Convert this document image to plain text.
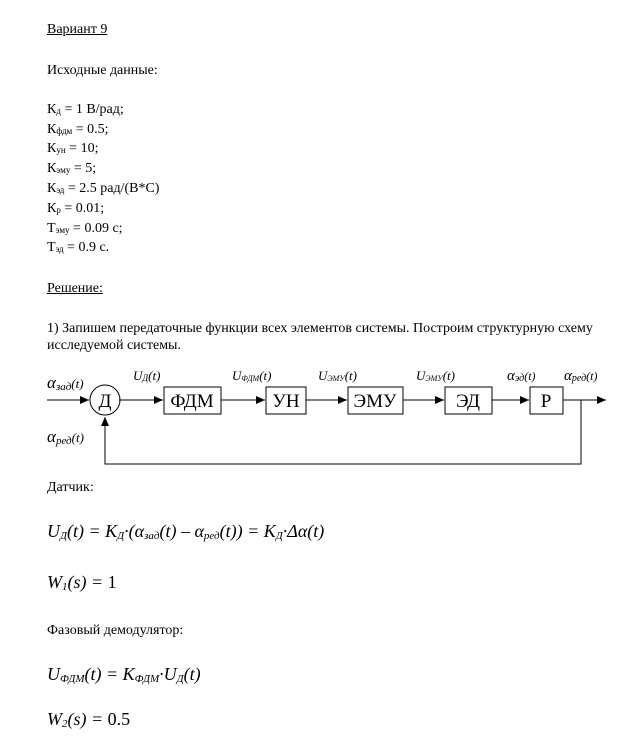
Вариант 9
Исходные данные:
$К_д = 1$ В/рад;
$К_{фдм} = 0.5$;
$К_{ун} = 10$;
$К_{эму} = 5$;
$К_{эд} = 2.5$ рад/(В*С)
$К_р = 0.01$;
$Т_{эму} = 0.09$ с;
$Т_{эд} = 0.9$ с.
Решение:
1) Запишем передаточные функции всех элементов системы. Построим структурную схему исследуемой системы.
Д	ФДМ	УН	ЭМУ	ЭД	Р
αзад(t)
αред(t)
UД(t)	UФДМ(t)	UЭМУ(t)	UЭМУ(t)	αэд(t) αред(t)
Датчик:
$U_Д(t) = K_Д\cdot(\alpha_{зад}(t) - \alpha_{ред}(t)) = K_Д\cdot\Delta\alpha(t)$
$W_1(s) = 1$
Фазовый демодулятор:
$U_{ФДМ}(t) = K_{ФДМ}\cdot U_Д(t)$
$W_2(s) = 0.5$
